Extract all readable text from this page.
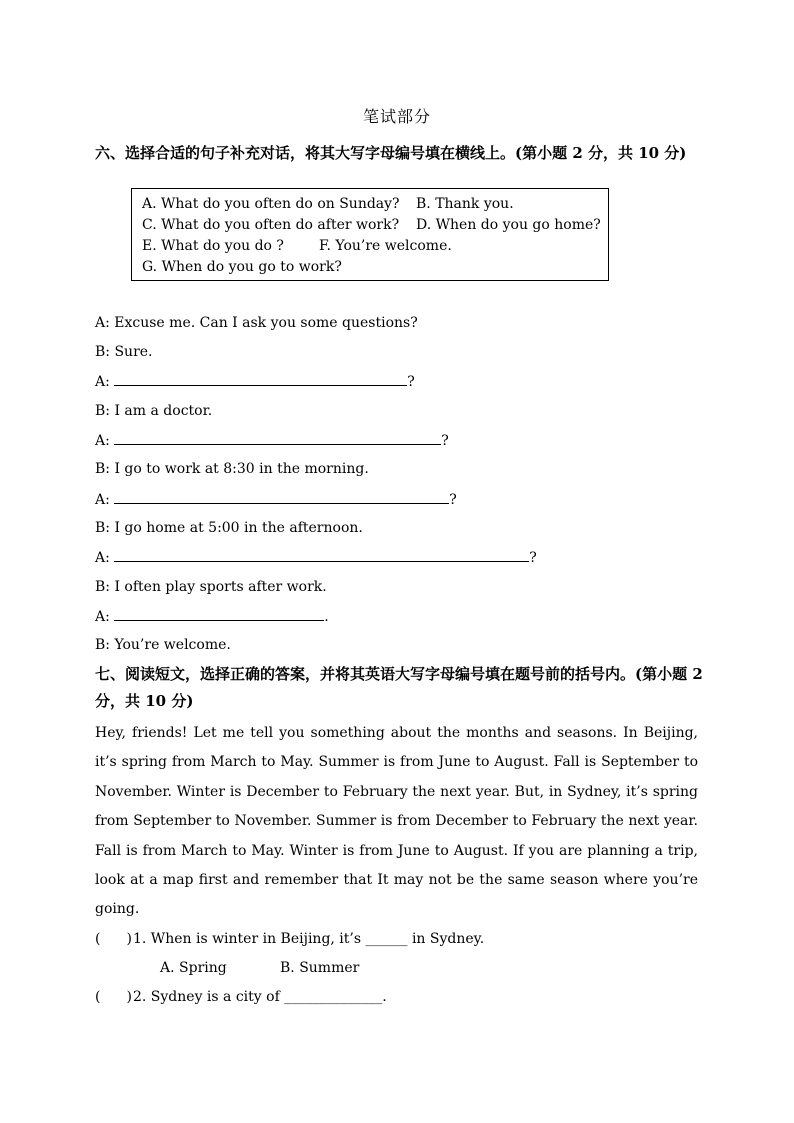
笔试部分
六、选择合适的句子补充对话，将其大写字母编号填在横线上。(第小题 2 分，共 10 分)
A. What do you often do on Sunday? B. Thank you.
C. What do you often do after work? D. When do you go home?
E. What do you do ?	F. You’re welcome.
G. When do you go to work?
A: Excuse me. Can I ask you some questions?
B: Sure.
A:	?
B: I am a doctor.
A:	?
B: I go to work at 8:30 in the morning.
A:	?
B: I go home at 5:00 in the afternoon.
A:	?
B: I often play sports after work.
A:	.
B: You’re welcome.
七、阅读短文，选择正确的答案，并将其英语大写字母编号填在题号前的括号内。(第小题 2 分，共 10 分)
Hey, friends! Let me tell you something about the months and seasons. In Beijing, it’s spring from March to May. Summer is from June to August. Fall is September to November. Winter is December to February the next year. But, in Sydney, it’s spring from September to November. Summer is from December to February the next year. Fall is from March to May. Winter is from June to August. If you are planning a trip, look at a map first and remember that It may not be the same season where you’re going.
( )1. When is winter in Beijing, it’s ______ in Sydney.
A. Spring	B. Summer
( )2. Sydney is a city of ______________.
